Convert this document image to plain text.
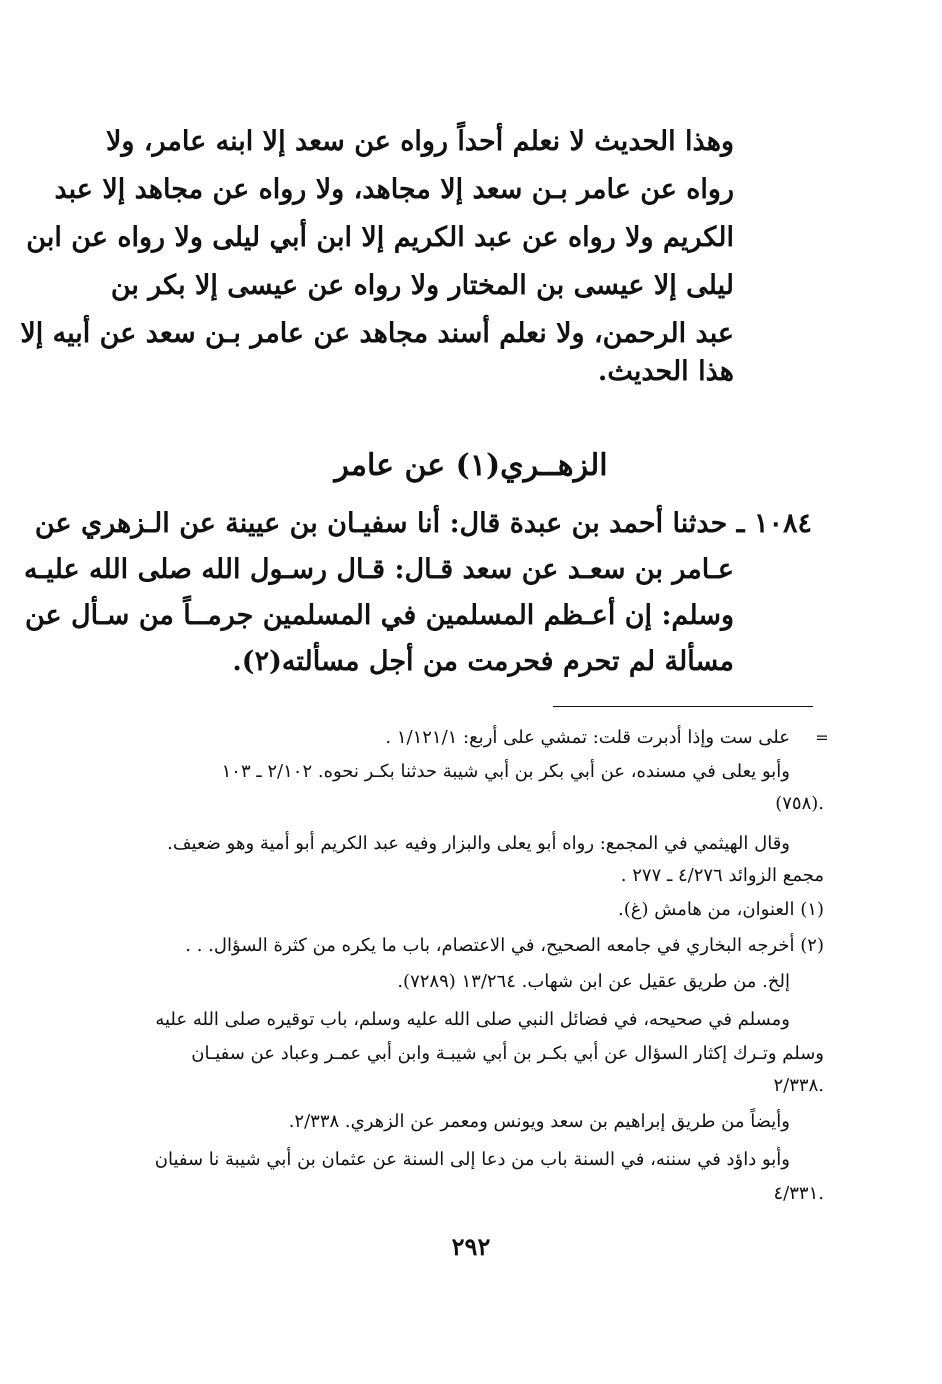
وهذا الحديث لا نعلم أحداً رواه عن سعد إلا ابنه عامر، ولا
رواه عن عامر بـن سعد إلا مجاهد، ولا رواه عن مجاهد إلا عبد
الكريم ولا رواه عن عبد الكريم إلا ابن أبي ليلى ولا رواه عن ابن
ليلى إلا عيسى بن المختار ولا رواه عن عيسى إلا بكر بن
عبد الرحمن، ولا نعلم أسند مجاهد عن عامر بـن سعد عن أبيه إلا
هذا الحديث.
الزهــري(١) عن عامر
١٠٨٤ ـ حدثنا أحمد بن عبدة قال: أنا سفيـان بن عيينة عن الـزهري عن
عـامر بن سعـد عن سعد قـال: قـال رسـول الله صلى الله عليـه
وسلم: إن أعـظم المسلمين في المسلمين جرمــاً من سـأل عن
مسألة لم تحرم فحرمت من أجل مسألته(٢).
=
على ست وإذا أدبرت قلت: تمشي على أربع: ١/١٢١/١ .
وأبو يعلى في مسنده، عن أبي بكر بن أبي شيبة حدثنا بكـر نحوه. ٢/١٠٢ ـ ١٠٣
(٧٥٨).
وقال الهيثمي في المجمع: رواه أبو يعلى والبزار وفيه عبد الكريم أبو أمية وهو ضعيف.
مجمع الزوائد ٤/٢٧٦ ـ ٢٧٧ .
(١) العنوان، من هامش (غ).
(٢) أخرجه البخاري في جامعه الصحيح، في الاعتصام، باب ما يكره من كثرة السؤال. . .
إلخ. من طريق عقيل عن ابن شهاب. ١٣/٢٦٤ (٧٢٨٩).
ومسلم في صحيحه، في فضائل النبي صلى الله عليه وسلم، باب توقيره صلى الله عليه
وسلم وتـرك إكثار السؤال عن أبي بكـر بن أبي شيبـة وابن أبي عمـر وعباد عن سفيـان
٢/٣٣٨.
وأيضاً من طريق إبراهيم بن سعد ويونس ومعمر عن الزهري. ٢/٣٣٨.
وأبو داؤد في سننه، في السنة باب من دعا إلى السنة عن عثمان بن أبي شيبة نا سفيان
٤/٣٣١.
٢٩٢
